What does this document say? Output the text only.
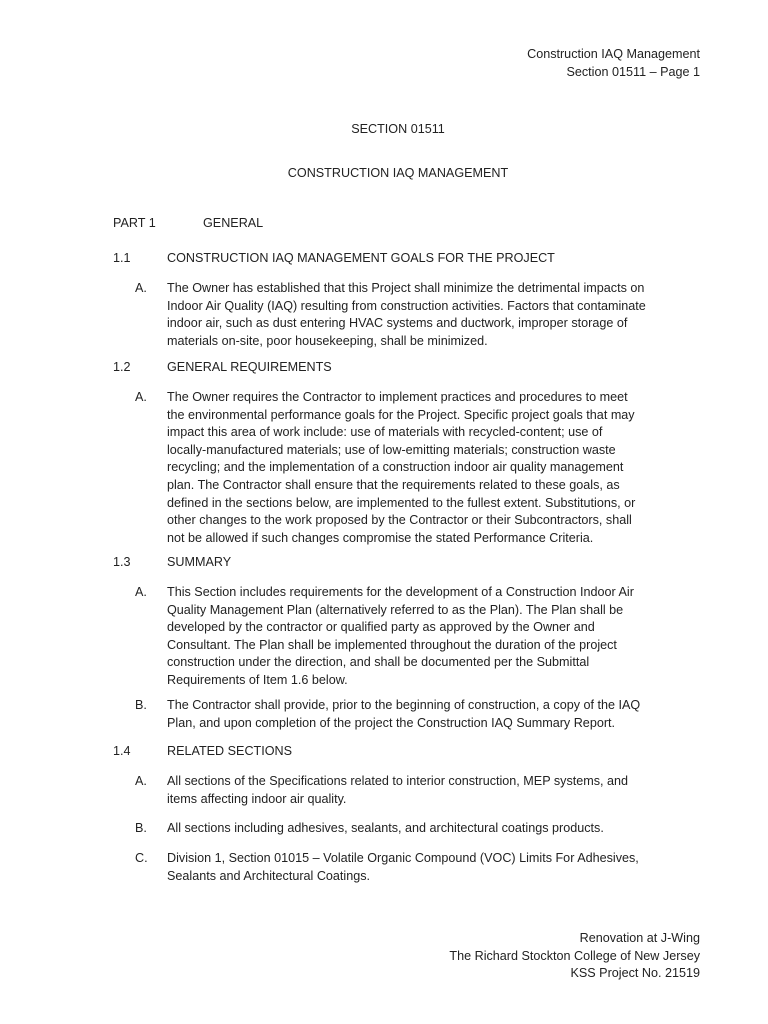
Construction IAQ Management
Section 01511 – Page 1
SECTION 01511
CONSTRUCTION IAQ MANAGEMENT
PART 1	GENERAL
1.1	CONSTRUCTION IAQ MANAGEMENT GOALS FOR THE PROJECT
A. The Owner has established that this Project shall minimize the detrimental impacts on
Indoor Air Quality (IAQ) resulting from construction activities. Factors that contaminate
indoor air, such as dust entering HVAC systems and ductwork, improper storage of
materials on-site, poor housekeeping, shall be minimized.
1.2	GENERAL REQUIREMENTS
A. The Owner requires the Contractor to implement practices and procedures to meet
the environmental performance goals for the Project. Specific project goals that may
impact this area of work include: use of materials with recycled-content; use of
locally-manufactured materials; use of low-emitting materials; construction waste
recycling; and the implementation of a construction indoor air quality management
plan. The Contractor shall ensure that the requirements related to these goals, as
defined in the sections below, are implemented to the fullest extent. Substitutions, or
other changes to the work proposed by the Contractor or their Subcontractors, shall
not be allowed if such changes compromise the stated Performance Criteria.
1.3	SUMMARY
A. This Section includes requirements for the development of a Construction Indoor Air
Quality Management Plan (alternatively referred to as the Plan). The Plan shall be
developed by the contractor or qualified party as approved by the Owner and
Consultant. The Plan shall be implemented throughout the duration of the project
construction under the direction, and shall be documented per the Submittal
Requirements of Item 1.6 below.
B. The Contractor shall provide, prior to the beginning of construction, a copy of the IAQ
Plan, and upon completion of the project the Construction IAQ Summary Report.
1.4	RELATED SECTIONS
A. All sections of the Specifications related to interior construction, MEP systems, and
items affecting indoor air quality.
B. All sections including adhesives, sealants, and architectural coatings products.
C. Division 1, Section 01015 – Volatile Organic Compound (VOC) Limits For Adhesives,
Sealants and Architectural Coatings.
Renovation at J-Wing
The Richard Stockton College of New Jersey
KSS Project No. 21519
